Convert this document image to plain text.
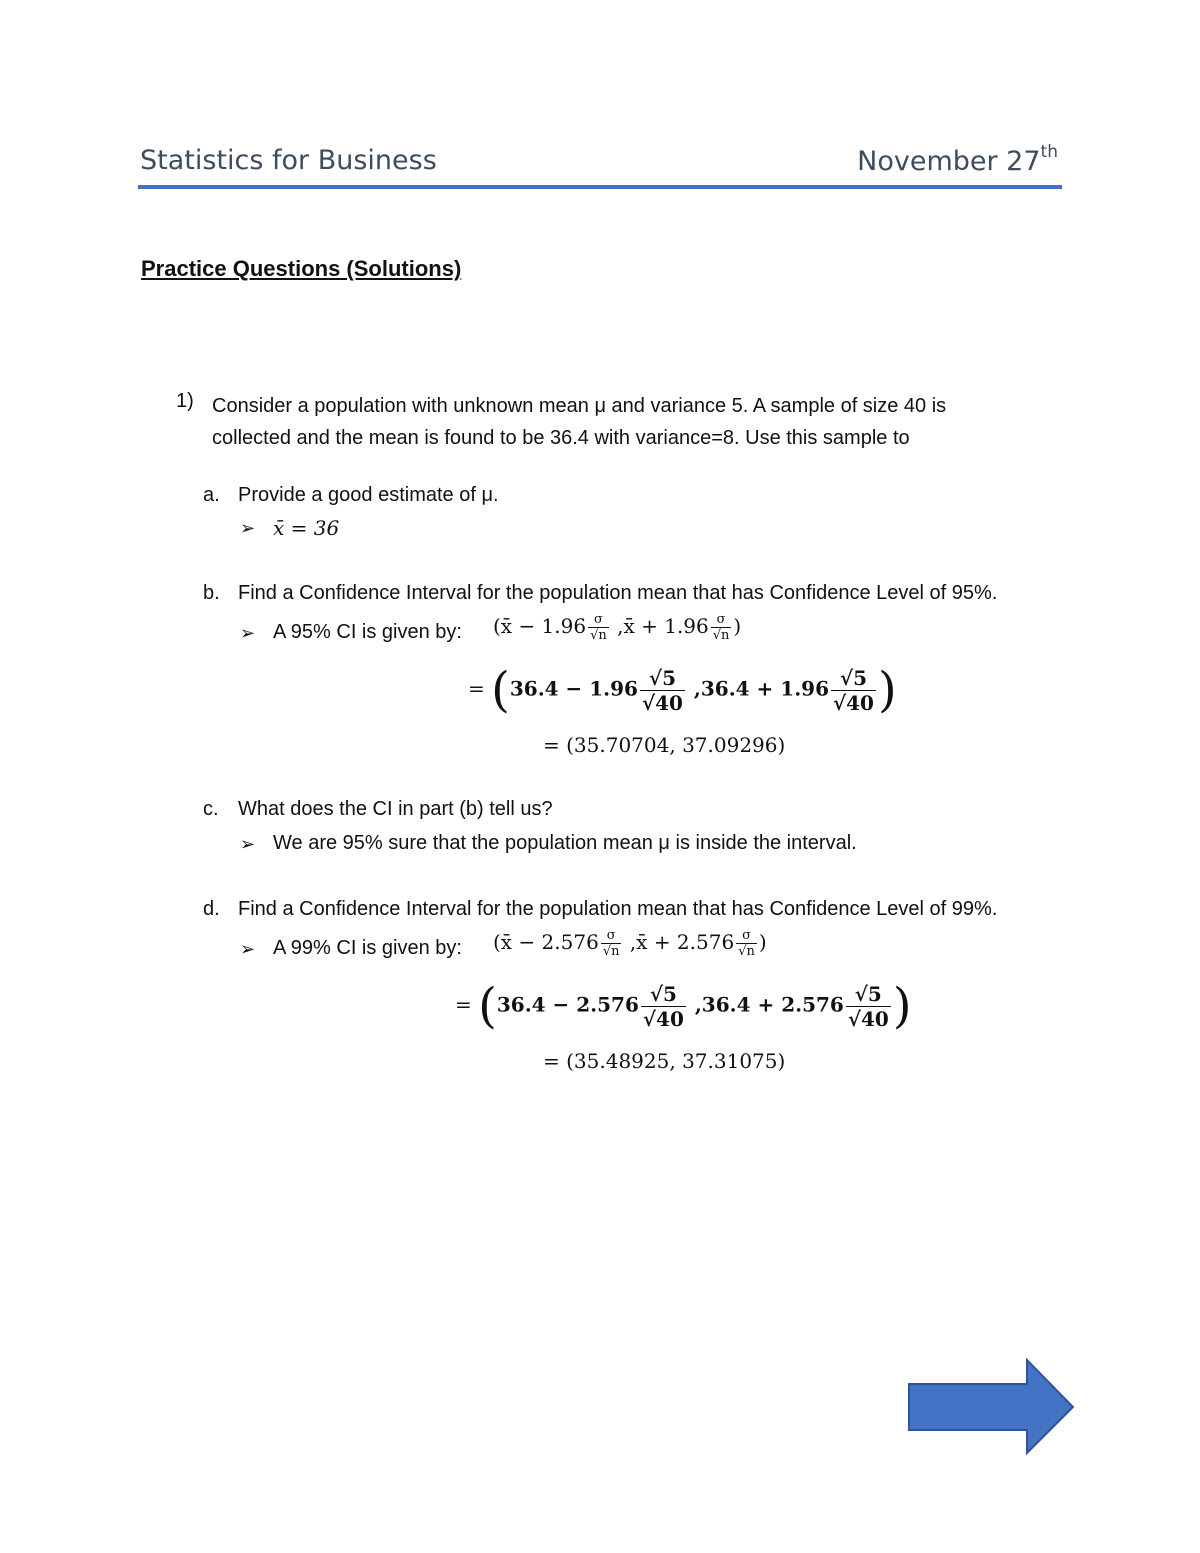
Statistics for Business	November 27th
Practice Questions (Solutions)
1) Consider a population with unknown mean μ and variance 5. A sample of size 40 is
collected and the mean is found to be 36.4 with variance=8. Use this sample to
a. Provide a good estimate of μ.
➢ x̄ = 36
b. Find a Confidence Interval for the population mean that has Confidence Level of 95%.
➢ A 95% CI is given by: (x̄ − $1.96 \frac{\sigma}{√n}$ ,x̄ + $1.96 \frac{\sigma}{√n}$ )
= ($36.4 - 1.96 \frac{√5}{√40} ,36.4 + 1.96 \frac{√5}{√40}$ )
= (35.70704, 37.09296)
c. What does the CI in part (b) tell us?
➢ We are 95% sure that the population mean μ is inside the interval.
d. Find a Confidence Interval for the population mean that has Confidence Level of 99%.
➢ A 99% CI is given by: (x̄ − $2.576 \frac{\sigma}{√n}$ ,x̄ + $2.576 \frac{\sigma}{√n}$ )
= ($36.4 - 2.576 \frac{√5}{√40} ,36.4 + 2.576 \frac{√5}{√40}$ )
= (35.48925, 37.31075)
